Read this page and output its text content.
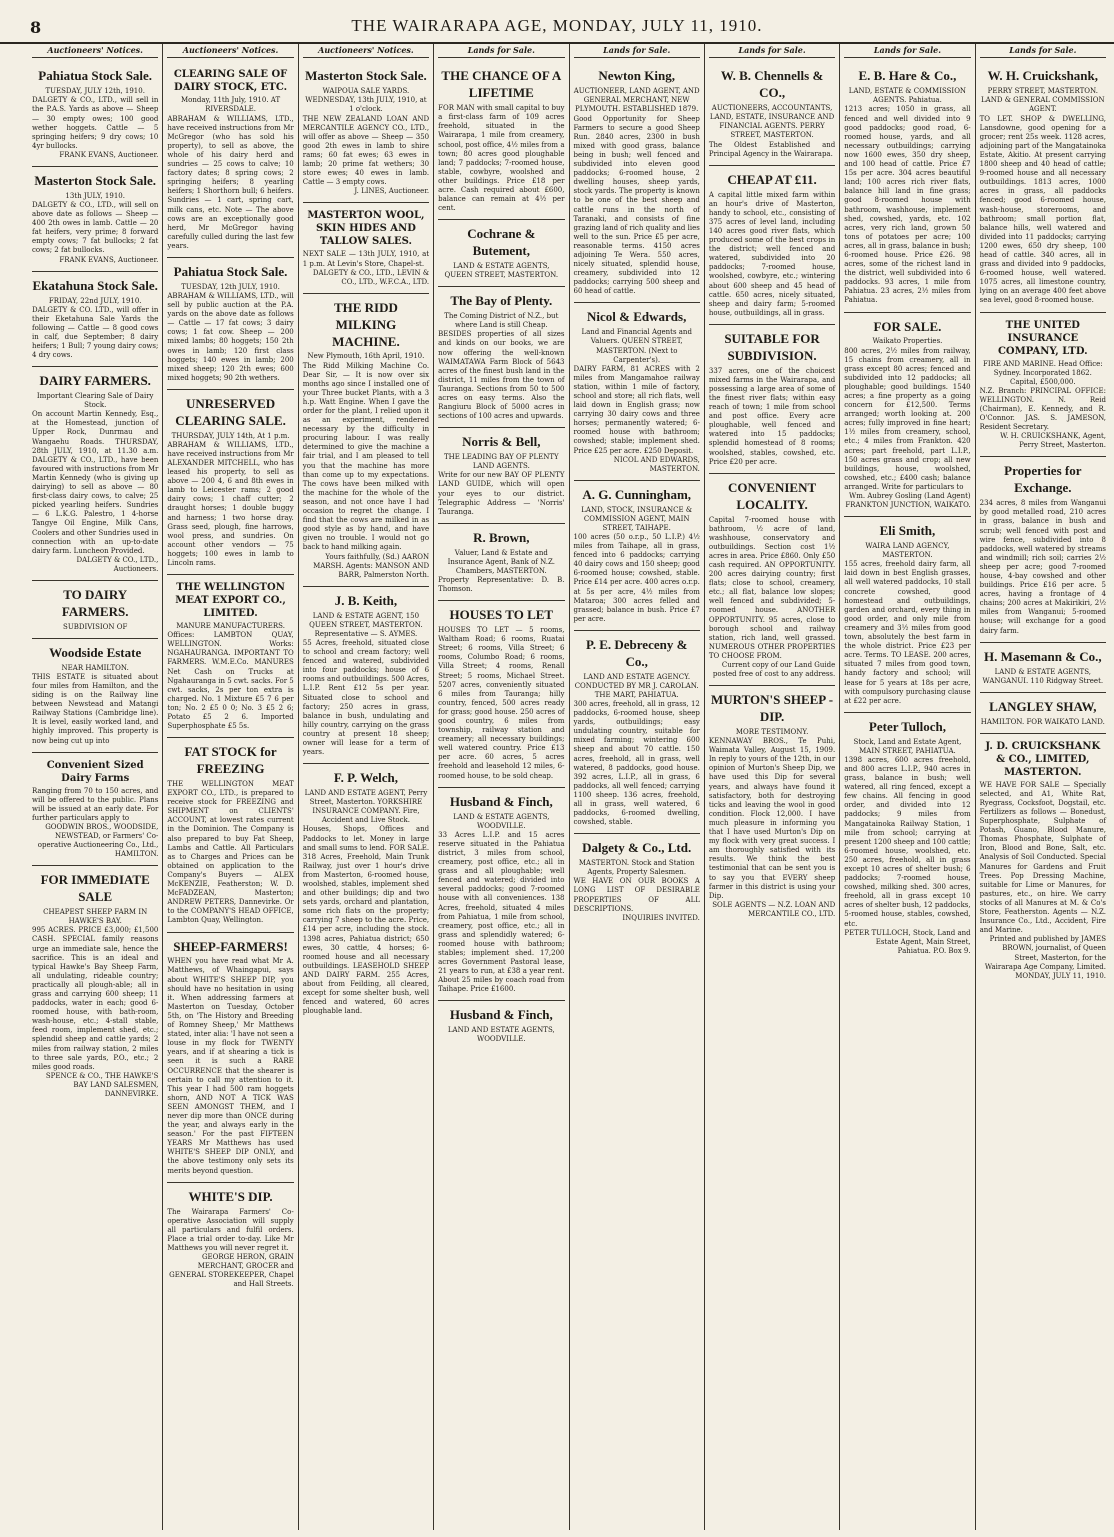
8	THE WAIRARAPA AGE, MONDAY, JULY 11, 1910.
Auctioneers' Notices.
Pahiatua Stock Sale.
TUESDAY, JULY 12th, 1910.
DALGETY & CO., LTD., will sell in the P.A.S. Yards as above — Sheep — 30 empty owes; 100 good wether hoggets. Cattle — 5 springing heifers; 9 dry cows; 10 4yr bullocks.
FRANK EVANS, Auctioneer.
Masterton Stock Sale.
13th JULY, 1910.
DALGETY & CO., LTD., will sell on above date as follows — Sheep — 400 2th owes in lamb. Cattle — 20 fat heifers, very prime; 8 forward empty cows; 7 fat bullocks; 2 fat cows; 2 fat bullocks.
FRANK EVANS, Auctioneer.
Ekatahuna Stock Sale.
FRIDAY, 22nd JULY, 1910.
DALGETY & CO. LTD., will offer in their Eketahuna Sale Yards the following — Cattle — 8 good cows in calf, due September; 8 dairy heifers; 1 Bull; 7 young dairy cows; 4 dry cows.
DAIRY FARMERS.
Important Clearing Sale of Dairy Stock.
On account Martin Kennedy, Esq., at the Homestead, junction of Upper Rock, Dunrmau and Wangaehu Roads. THURSDAY, 28th JULY, 1910, at 11.30 a.m. DALGETY & CO., LTD., have been favoured with instructions from Mr Martin Kennedy (who is giving up dairying) to sell as above — 80 first-class dairy cows, to calve; 25 picked yearling heifers. Sundries — 6 L.K.G. Palestro, 1 4-horse Tangye Oil Engine, Milk Cans, Coolers and other Sundries used in connection with an up-to-date dairy farm. Luncheon Provided.
DALGETY & CO., LTD., Auctioneers.
TO DAIRY FARMERS.
SUBDIVISION OF
Woodside Estate
NEAR HAMILTON.
THIS ESTATE is situated about four miles from Hamilton, and the siding is on the Railway line between Newstead and Matangi Railway Stations (Cambridge line). It is level, easily worked land, and highly improved. This property is now being cut up into
Convenient Sized Dairy Farms
Ranging from 70 to 150 acres, and will be offered to the public. Plans will be issued at an early date. For further particulars apply to
GOODWIN BROS., WOODSIDE, NEWSTEAD, or Farmers' Co-operative Auctioneering Co., Ltd., HAMILTON.
FOR IMMEDIATE SALE
CHEAPEST SHEEP FARM IN HAWKE'S BAY.
995 ACRES. PRICE £3,000; £1,500 CASH. SPECIAL family reasons urge an immediate sale, hence the sacrifice. This is an ideal and typical Hawke's Bay Sheep Farm, all undulating, rideable country; practically all plough-able; all in grass and carrying 600 sheep; 11 paddocks, water in each; good 6-roomed house, with bath-room, wash-house, etc.; 4-stall stable, feed room, implement shed, etc.; splendid sheep and cattle yards; 2 miles from railway station, 2 miles to three sale yards, P.O., etc.; 2 miles good roads.
SPENCE & CO., THE HAWKE'S BAY LAND SALESMEN, DANNEVIRKE.
Auctioneers' Notices.
CLEARING SALE OF DAIRY STOCK, ETC.
Monday, 11th July, 1910. AT RIVERSDALE.
ABRAHAM & WILLIAMS, LTD., have received instructions from Mr McGregor (who has sold his property), to sell as above, the whole of his dairy herd and sundries — 25 cows to calve; 10 factory dates; 8 spring cows; 2 springing heifers; 8 yearling heifers; 1 Shorthorn bull; 6 heifers. Sundries — 1 cart, spring cart, milk cans, etc. Note — The above cows are an exceptionally good herd, Mr McGregor having carefully culled during the last few years.
Pahiatua Stock Sale.
TUESDAY, 12th JULY, 1910.
ABRAHAM & WILLIAMS, LTD., will sell by public auction at the P.A. yards on the above date as follows — Cattle — 17 fat cows; 3 dairy cows; 1 fat cow. Sheep — 200 mixed lambs; 80 hoggets; 150 2th owes in lamb; 120 first class hoggets; 140 ewes in lamb; 200 mixed sheep; 120 2th ewes; 600 mixed hoggets; 90 2th wethers.
UNRESERVED CLEARING SALE.
THURSDAY, JULY 14th, At 1 p.m.
ABRAHAM & WILLIAMS, LTD., have received instructions from Mr ALEXANDER MITCHELL, who has leased his property, to sell as above — 200 4, 6 and 8th ewes in lamb to Leicester rams; 2 good dairy cows; 1 chaff cutter; 2 draught horses; 1 double buggy and harness; 1 two horse dray. Grass seed, plough, fine harrows, wool press, and sundries. On account other vendors — 75 hoggets; 100 ewes in lamb to Lincoln rams.
THE WELLINGTON MEAT EXPORT CO., LIMITED.
MANURE MANUFACTURERS.
Offices: LAMBTON QUAY, WELLINGTON. Works: NGAHAURANGA. IMPORTANT TO FARMERS. W.M.E.Co. MANURES Net Cash on Trucks at Ngahauranga in 5 cwt. sacks. For 5 cwt. sacks, 2s per ton extra is charged. No. 1 Mixture £5 7 6 per ton; No. 2 £5 0 0; No. 3 £5 2 6; Potato £5 2 6. Imported Superphosphate £5 5s.
FAT STOCK for FREEZING
THE WELLINGTON MEAT EXPORT CO., LTD., is prepared to receive stock for FREEZING and SHIPMENT on CLIENTS' ACCOUNT, at lowest rates current in the Dominion. The Company is also prepared to buy Fat Sheep, Lambs and Cattle. All Particulars as to Charges and Prices can be obtained on application to the Company's Buyers — ALEX McKENZIE, Featherston; W. D. McFADZEAN, Masterton; ANDREW PETERS, Dannevirke. Or to the COMPANY'S HEAD OFFICE, Lambton Quay, Wellington.
SHEEP-FARMERS!
WHEN you have read what Mr A. Matthews, of Whaingapui, says about WHITE'S SHEEP DIP, you should have no hesitation in using it. When addressing farmers at Masterton on Tuesday, October 5th, on 'The History and Breeding of Romney Sheep,' Mr Matthews stated, inter alia: 'I have not seen a louse in my flock for TWENTY years, and if at shearing a tick is seen it is such a RARE OCCURRENCE that the shearer is certain to call my attention to it. This year I had 500 ram hoggets shorn, AND NOT A TICK WAS SEEN AMONGST THEM, and I never dip more than ONCE during the year, and always early in the season.' For the past FIFTEEN YEARS Mr Matthews has used WHITE'S SHEEP DIP ONLY, and the above testimony only sets its merits beyond question.
WHITE'S DIP.
The Wairarapa Farmers' Co-operative Association will supply all particulars and fulfil orders. Place a trial order to-day. Like Mr Matthews you will never regret it.
GEORGE HERON, GRAIN MERCHANT, GROCER and GENERAL STOREKEEPER, Chapel and Hall Streets.
Auctioneers' Notices.
Masterton Stock Sale.
WAIPOUA SALE YARDS. WEDNESDAY, 13th JULY, 1910, at 1 o'clock.
THE NEW ZEALAND LOAN AND MERCANTILE AGENCY CO., LTD., will offer as above — Sheep — 350 good 2th ewes in lamb to shire rams; 60 fat ewes; 63 ewes in lamb; 20 prime fat wethers; 30 store ewes; 40 ewes in lamb. Cattle — 3 empty cows.
J. LINES, Auctioneer.
MASTERTON WOOL, SKIN HIDES AND TALLOW SALES.
NEXT SALE — 13th JULY, 1910, at 1 p.m. At Levin's Store, Chapel-st.
DALGETY & CO., LTD., LEVIN & CO., LTD., W.F.C.A., LTD.
THE RIDD MILKING MACHINE.
New Plymouth, 16th April, 1910.
The Ridd Milking Machine Co. Dear Sir, — It is now over six months ago since I installed one of your Three bucket Plants, with a 3 h.p. Watt Engine. When I gave the order for the plant, I relied upon it as an experiment, rendered necessary by the difficulty in procuring labour. I was really determined to give the machine a fair trial, and I am pleased to tell you that the machine has more than come up to my expectations. The cows have been milked with the machine for the whole of the season, and not once have I had occasion to regret the change. I find that the cows are milked in as good style as by hand, and have given no trouble. I would not go back to hand milking again.
Yours faithfully, (Sd.) AARON MARSH. Agents: MANSON AND BARR, Palmerston North.
J. B. Keith,
LAND & ESTATE AGENT, 150 QUEEN STREET, MASTERTON. Representative — S. AYMES.
55 Acres, freehold, situated close to school and cream factory; well fenced and watered, subdivided into four paddocks; house of 6 rooms and outbuildings. 500 Acres, L.I.P. Rent £12 5s per year. Situated close to school and factory; 250 acres in grass, balance in bush, undulating and hilly country, carrying on the grass country at present 18 sheep; owner will lease for a term of years.
F. P. Welch,
LAND AND ESTATE AGENT, Perry Street, Masterton. YORKSHIRE INSURANCE COMPANY. Fire, Accident and Live Stock.
Houses, Shops, Offices and Paddocks to let. Money in large and small sums to lend. FOR SALE. 318 Acres, Freehold, Main Trunk Railway, just over 1 hour's drive from Masterton, 6-roomed house, woolshed, stables, implement shed and other buildings; dip and two sets yards, orchard and plantation, some rich flats on the property; carrying 7 sheep to the acre. Price, £14 per acre, including the stock. 1398 acres, Pahiatua district; 650 ewes, 30 cattle, 4 horses; 6-roomed house and all necessary outbuildings. LEASEHOLD SHEEP AND DAIRY FARM. 255 Acres, about from Feilding, all cleared, except for some shelter bush, well fenced and watered, 60 acres ploughable land.
Lands for Sale.
THE CHANCE OF A LIFETIME
FOR MAN with small capital to buy a first-class farm of 109 acres freehold, situated in the Wairarapa, 1 mile from creamery, school, post office, 4½ miles from a town; 80 acres good ploughable land; 7 paddocks; 7-roomed house, stable, cowbyre, woolshed and other buildings. Price £18 per acre. Cash required about £600, balance can remain at 4½ per cent.
Cochrane & Butement,
LAND & ESTATE AGENTS, QUEEN STREET, MASTERTON.
The Bay of Plenty.
The Coming District of N.Z., but where Land is still Cheap.
BESIDES properties of all sizes and kinds on our books, we are now offering the well-known WAIMATAWA Farm Block of 5643 acres of the finest bush land in the district, 11 miles from the town of Tauranga. Sections from 50 to 500 acres on easy terms. Also the Rangiuru Block of 5000 acres in sections of 100 acres and upwards.
Norris & Bell,
THE LEADING BAY OF PLENTY LAND AGENTS.
Write for our new BAY OF PLENTY LAND GUIDE, which will open your eyes to our district. Telegraphic Address — 'Norris' Tauranga.
R. Brown,
Valuer, Land & Estate and Insurance Agent, Bank of N.Z. Chambers, MASTERTON.
Property Representative: D. B. Thomson.
HOUSES TO LET
HOUSES TO LET — 5 rooms, Waltham Road; 6 rooms, Ruatai Street; 6 rooms, Villa Street; 6 rooms, Columbo Road; 6 rooms, Villa Street; 4 rooms, Renall Street; 5 rooms, Michael Street. 5207 acres, conveniently situated 6 miles from Tauranga; hilly country, fenced, 500 acres ready for grass; good house. 250 acres of good country, 6 miles from township, railway station and creamery; all necessary buildings; well watered country. Price £13 per acre. 60 acres, 5 acres freehold and leasehold 12 miles, 6-roomed house, to be sold cheap.
Husband & Finch,
LAND & ESTATE AGENTS, WOODVILLE.
33 Acres L.I.P. and 15 acres reserve situated in the Pahiatua district, 3 miles from school, creamery, post office, etc.; all in grass and all ploughable; well fenced and watered; divided into several paddocks; good 7-roomed house with all conveniences. 138 Acres, freehold, situated 4 miles from Pahiatua, 1 mile from school, creamery, post office, etc.; all in grass and splendidly watered; 6-roomed house with bathroom; stables; implement shed. 17,200 acres Government Pastoral lease, 21 years to run, at £38 a year rent. About 25 miles by coach road from Taihape. Price £1600.
Husband & Finch,
LAND AND ESTATE AGENTS, WOODVILLE.
Lands for Sale.
Newton King,
AUCTIONEER, LAND AGENT, AND GENERAL MERCHANT, NEW PLYMOUTH. ESTABLISHED 1879.
Good Opportunity for Sheep Farmers to secure a good Sheep Run. 2840 acres, 2300 in bush mixed with good grass, balance being in bush; well fenced and subdivided into eleven good paddocks; 6-roomed house, 2 dwelling houses, sheep yards, stock yards. The property is known to be one of the best sheep and cattle runs in the north of Taranaki, and consists of fine grazing land of rich quality and lies well to the sun. Price £5 per acre, reasonable terms. 4150 acres adjoining Te Wera. 550 acres, nicely situated, splendid house, creamery, subdivided into 12 paddocks; carrying 500 sheep and 60 head of cattle.
Nicol & Edwards,
Land and Financial Agents and Valuers. QUEEN STREET, MASTERTON. (Next to Carpenter's).
DAIRY FARM, 81 ACRES with 2 miles from Mangamahoe railway station, within 1 mile of factory, school and store; all rich flats, well laid down in English grass; now carrying 30 dairy cows and three horses; permanently watered; 6-roomed house with bathroom; cowshed; stable; implement shed. Price £25 per acre. £250 Deposit.
NICOL AND EDWARDS, MASTERTON.
A. G. Cunningham,
LAND, STOCK, INSURANCE & COMMISSION AGENT, MAIN STREET, TAIHAPE.
100 acres (50 o.r.p., 50 L.I.P.) 4½ miles from Taihape, all in grass, fenced into 6 paddocks; carrying 40 dairy cows and 150 sheep; good 6-roomed house; cowshed, stable. Price £14 per acre. 400 acres o.r.p. at 5s per acre, 4½ miles from Mataroa; 300 acres felled and grassed; balance in bush. Price £7 per acre.
P. E. Debreceny & Co.,
LAND AND ESTATE AGENCY. CONDUCTED BY MR J. CAROLAN. THE MART, PAHIATUA.
300 acres, freehold, all in grass, 12 paddocks, 6-roomed house, sheep yards, outbuildings; easy undulating country, suitable for mixed farming; wintering 600 sheep and about 70 cattle. 150 acres, freehold, all in grass, well watered, 8 paddocks, good house. 392 acres, L.I.P., all in grass, 6 paddocks, all well fenced; carrying 1100 sheep. 136 acres, freehold, all in grass, well watered, 6 paddocks, 6-roomed dwelling, cowshed, stable.
Dalgety & Co., Ltd.
MASTERTON. Stock and Station Agents, Property Salesmen.
WE HAVE ON OUR BOOKS A LONG LIST OF DESIRABLE PROPERTIES OF ALL DESCRIPTIONS.
INQUIRIES INVITED.
Lands for Sale.
W. B. Chennells & CO.,
AUCTIONEERS, ACCOUNTANTS, LAND, ESTATE, INSURANCE AND FINANCIAL AGENTS. PERRY STREET, MASTERTON.
The Oldest Established and Principal Agency in the Wairarapa.
CHEAP AT £11.
A capital little mixed farm within an hour's drive of Masterton, handy to school, etc., consisting of 375 acres of level land, including 140 acres good river flats, which produced some of the best crops in the district; well fenced and watered, subdivided into 20 paddocks; 7-roomed house, woolshed, cowbyre, etc.; wintering about 600 sheep and 45 head of cattle. 650 acres, nicely situated, sheep and dairy farm; 5-roomed house, outbuildings, all in grass.
SUITABLE FOR SUBDIVISION.
337 acres, one of the choicest mixed farms in the Wairarapa, and possessing a large area of some of the finest river flats; within easy reach of town; 1 mile from school and post office. Every acre ploughable, well fenced and watered into 15 paddocks; splendid homestead of 8 rooms; woolshed, stables, cowshed, etc. Price £20 per acre.
CONVENIENT LOCALITY.
Capital 7-roomed house with bathroom, ½ acre of land, washhouse, conservatory and outbuildings. Section cost 1½ acres in area. Price £860. Only £50 cash required. AN OPPORTUNITY. 200 acres dairying country; first flats; close to school, creamery, etc.; all flat, balance low slopes; well fenced and subdivided; 5-roomed house. ANOTHER OPPORTUNITY. 95 acres, close to borough school and railway station, rich land, well grassed. NUMEROUS OTHER PROPERTIES TO CHOOSE FROM.
Current copy of our Land Guide posted free of cost to any address.
MURTON'S SHEEP - DIP.
MORE TESTIMONY.
KENNAWAY BROS., Te Puhi, Waimata Valley, August 15, 1909. In reply to yours of the 12th, in our opinion of Murton's Sheep Dip, we have used this Dip for several years, and always have found it satisfactory, both for destroying ticks and leaving the wool in good condition. Flock 12,000. I have much pleasure in informing you that I have used Murton's Dip on my flock with very great success. I am thoroughly satisfied with its results. We think the best testimonial that can be sent you is to say you that EVERY sheep farmer in this district is using your Dip.
SOLE AGENTS — N.Z. LOAN AND MERCANTILE CO., LTD.
Lands for Sale.
E. B. Hare & Co.,
LAND, ESTATE & COMMISSION AGENTS. Pahiatua.
1213 acres; 1050 in grass, all fenced and well divided into 9 good paddocks; good road, 6-roomed house, yards, and all necessary outbuildings; carrying now 1600 ewes, 350 dry sheep, and 100 head of cattle. Price £7 15s per acre. 304 acres beautiful land; 100 acres rich river flats, balance hill land in fine grass; good 8-roomed house with bathroom, washhouse, implement shed, cowshed, yards, etc. 102 acres, very rich land, grown 50 tons of potatoes per acre; 100 acres, all in grass, balance in bush; 6-roomed house. Price £26. 98 acres, some of the richest land in the district, well subdivided into 6 paddocks. 93 acres, 1 mile from Pahiatua. 23 acres, 2½ miles from Pahiatua.
FOR SALE.
Waikato Properties.
800 acres, 2½ miles from railway, 15 chains from creamery, all in grass except 80 acres; fenced and subdivided into 12 paddocks; all ploughable; good buildings. 1540 acres; a fine property as a going concern for £12,500. Terms arranged; worth looking at. 200 acres; fully improved in fine heart; 1½ miles from creamery, school, etc.; 4 miles from Frankton. 420 acres; part freehold, part L.I.P., 150 acres grass and crop; all new buildings, house, woolshed, cowshed, etc.; £400 cash; balance arranged. Write for particulars to
Wm. Aubrey Gosling (Land Agent) FRANKTON JUNCTION, WAIKATO.
Eli Smith,
WAIRA LAND AGENCY, MASTERTON.
155 acres, freehold dairy farm, all laid down in best English grasses, all well watered paddocks, 10 stall concrete cowshed, good homestead and outbuildings, garden and orchard, every thing in good order, and only mile from creamery and 3½ miles from good town, absolutely the best farm in the whole district. Price £23 per acre. Terms. TO LEASE. 200 acres, situated 7 miles from good town, handy factory and school; will lease for 5 years at 18s per acre, with compulsory purchasing clause at £22 per acre.
Peter Tulloch,
Stock, Land and Estate Agent, MAIN STREET, PAHIATUA.
1398 acres, 600 acres freehold, and 800 acres L.I.P., 940 acres in grass, balance in bush; well watered, all ring fenced, except a few chains. All fencing in good order, and divided into 12 paddocks; 9 miles from Mangatainoka Railway Station, 1 mile from school; carrying at present 1200 sheep and 100 cattle; 6-roomed house, woolshed, etc. 250 acres, freehold, all in grass except 10 acres of shelter bush; 6 paddocks; 7-roomed house, cowshed, milking shed. 300 acres, freehold, all in grass except 10 acres of shelter bush, 12 paddocks, 5-roomed house, stables, cowshed, etc.
PETER TULLOCH, Stock, Land and Estate Agent, Main Street, Pahiatua. P.O. Box 9.
Lands for Sale.
W. H. Cruickshank,
PERRY STREET, MASTERTON. LAND & GENERAL COMMISSION AGENT.
TO LET. SHOP & DWELLING, Lansdowne, good opening for a grocer; rent 25s week. 1128 acres, adjoining part of the Mangatainoka Estate, Akitio. At present carrying 1800 sheep and 40 head of cattle; 9-roomed house and all necessary outbuildings. 1813 acres, 1000 acres in grass, all paddocks fenced; good 6-roomed house, wash-house, storerooms, and bathroom; small portion flat, balance hills, well watered and divided into 11 paddocks; carrying 1200 ewes, 650 dry sheep, 100 head of cattle. 340 acres, all in grass and divided into 9 paddocks, 6-roomed house, well watered. 1075 acres, all limestone country, lying on an average 400 feet above sea level, good 8-roomed house.
THE UNITED INSURANCE COMPANY, LTD.
FIRE AND MARINE. Head Office: Sydney. Incorporated 1862. Capital, £500,000.
N.Z. Branch: PRINCIPAL OFFICE: WELLINGTON. N. Reid (Chairman), E. Kennedy, and R. O'Connor. JAS. S. JAMESON, Resident Secretary.
W. H. CRUICKSHANK, Agent, Perry Street, Masterton.
Properties for Exchange.
234 acres, 8 miles from Wanganui by good metalled road, 210 acres in grass, balance in bush and scrub; well fenced with post and wire fence, subdivided into 8 paddocks, well watered by streams and windmill; rich soil; carries 2½ sheep per acre; good 7-roomed house, 4-bay cowshed and other buildings. Price £16 per acre. 5 acres, having a frontage of 4 chains; 200 acres at Makirikiri, 2½ miles from Wanganui; 5-roomed house; will exchange for a good dairy farm.
H. Masemann & Co.,
LAND & ESTATE AGENTS, WANGANUI. 110 Ridgway Street.
LANGLEY SHAW,
HAMILTON. FOR WAIKATO LAND.
J. D. CRUICKSHANK & CO., LIMITED, MASTERTON.
WE HAVE FOR SALE — Specially selected, and A1, White Rat, Ryegrass, Cocksfoot, Dogstail, etc. Fertilizers as follows — Bonedust, Superphosphate, Sulphate of Potash, Guano, Blood Manure, Thomas Phosphate, Sulphate of Iron, Blood and Bone, Salt, etc. Analysis of Soil Conducted. Special Manures for Gardens and Fruit Trees. Pop Dressing Machine, suitable for Lime or Manures, for pastures, etc., on hire. We carry stocks of all Manures at M. & Co's Store, Featherston. Agents — N.Z. Insurance Co., Ltd., Accident, Fire and Marine.
Printed and published by JAMES BROWN, journalist, of Queen Street, Masterton, for the Wairarapa Age Company, Limited. MONDAY, JULY 11, 1910.
